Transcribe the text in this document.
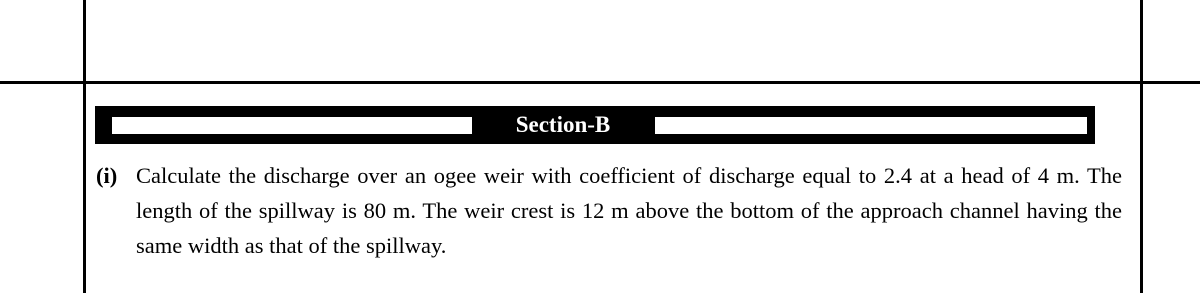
Section-B
(i) Calculate the discharge over an ogee weir with coefficient of discharge equal to 2.4 at a head of 4 m. The length of the spillway is 80 m. The weir crest is 12 m above the bottom of the approach channel having the same width as that of the spillway.
